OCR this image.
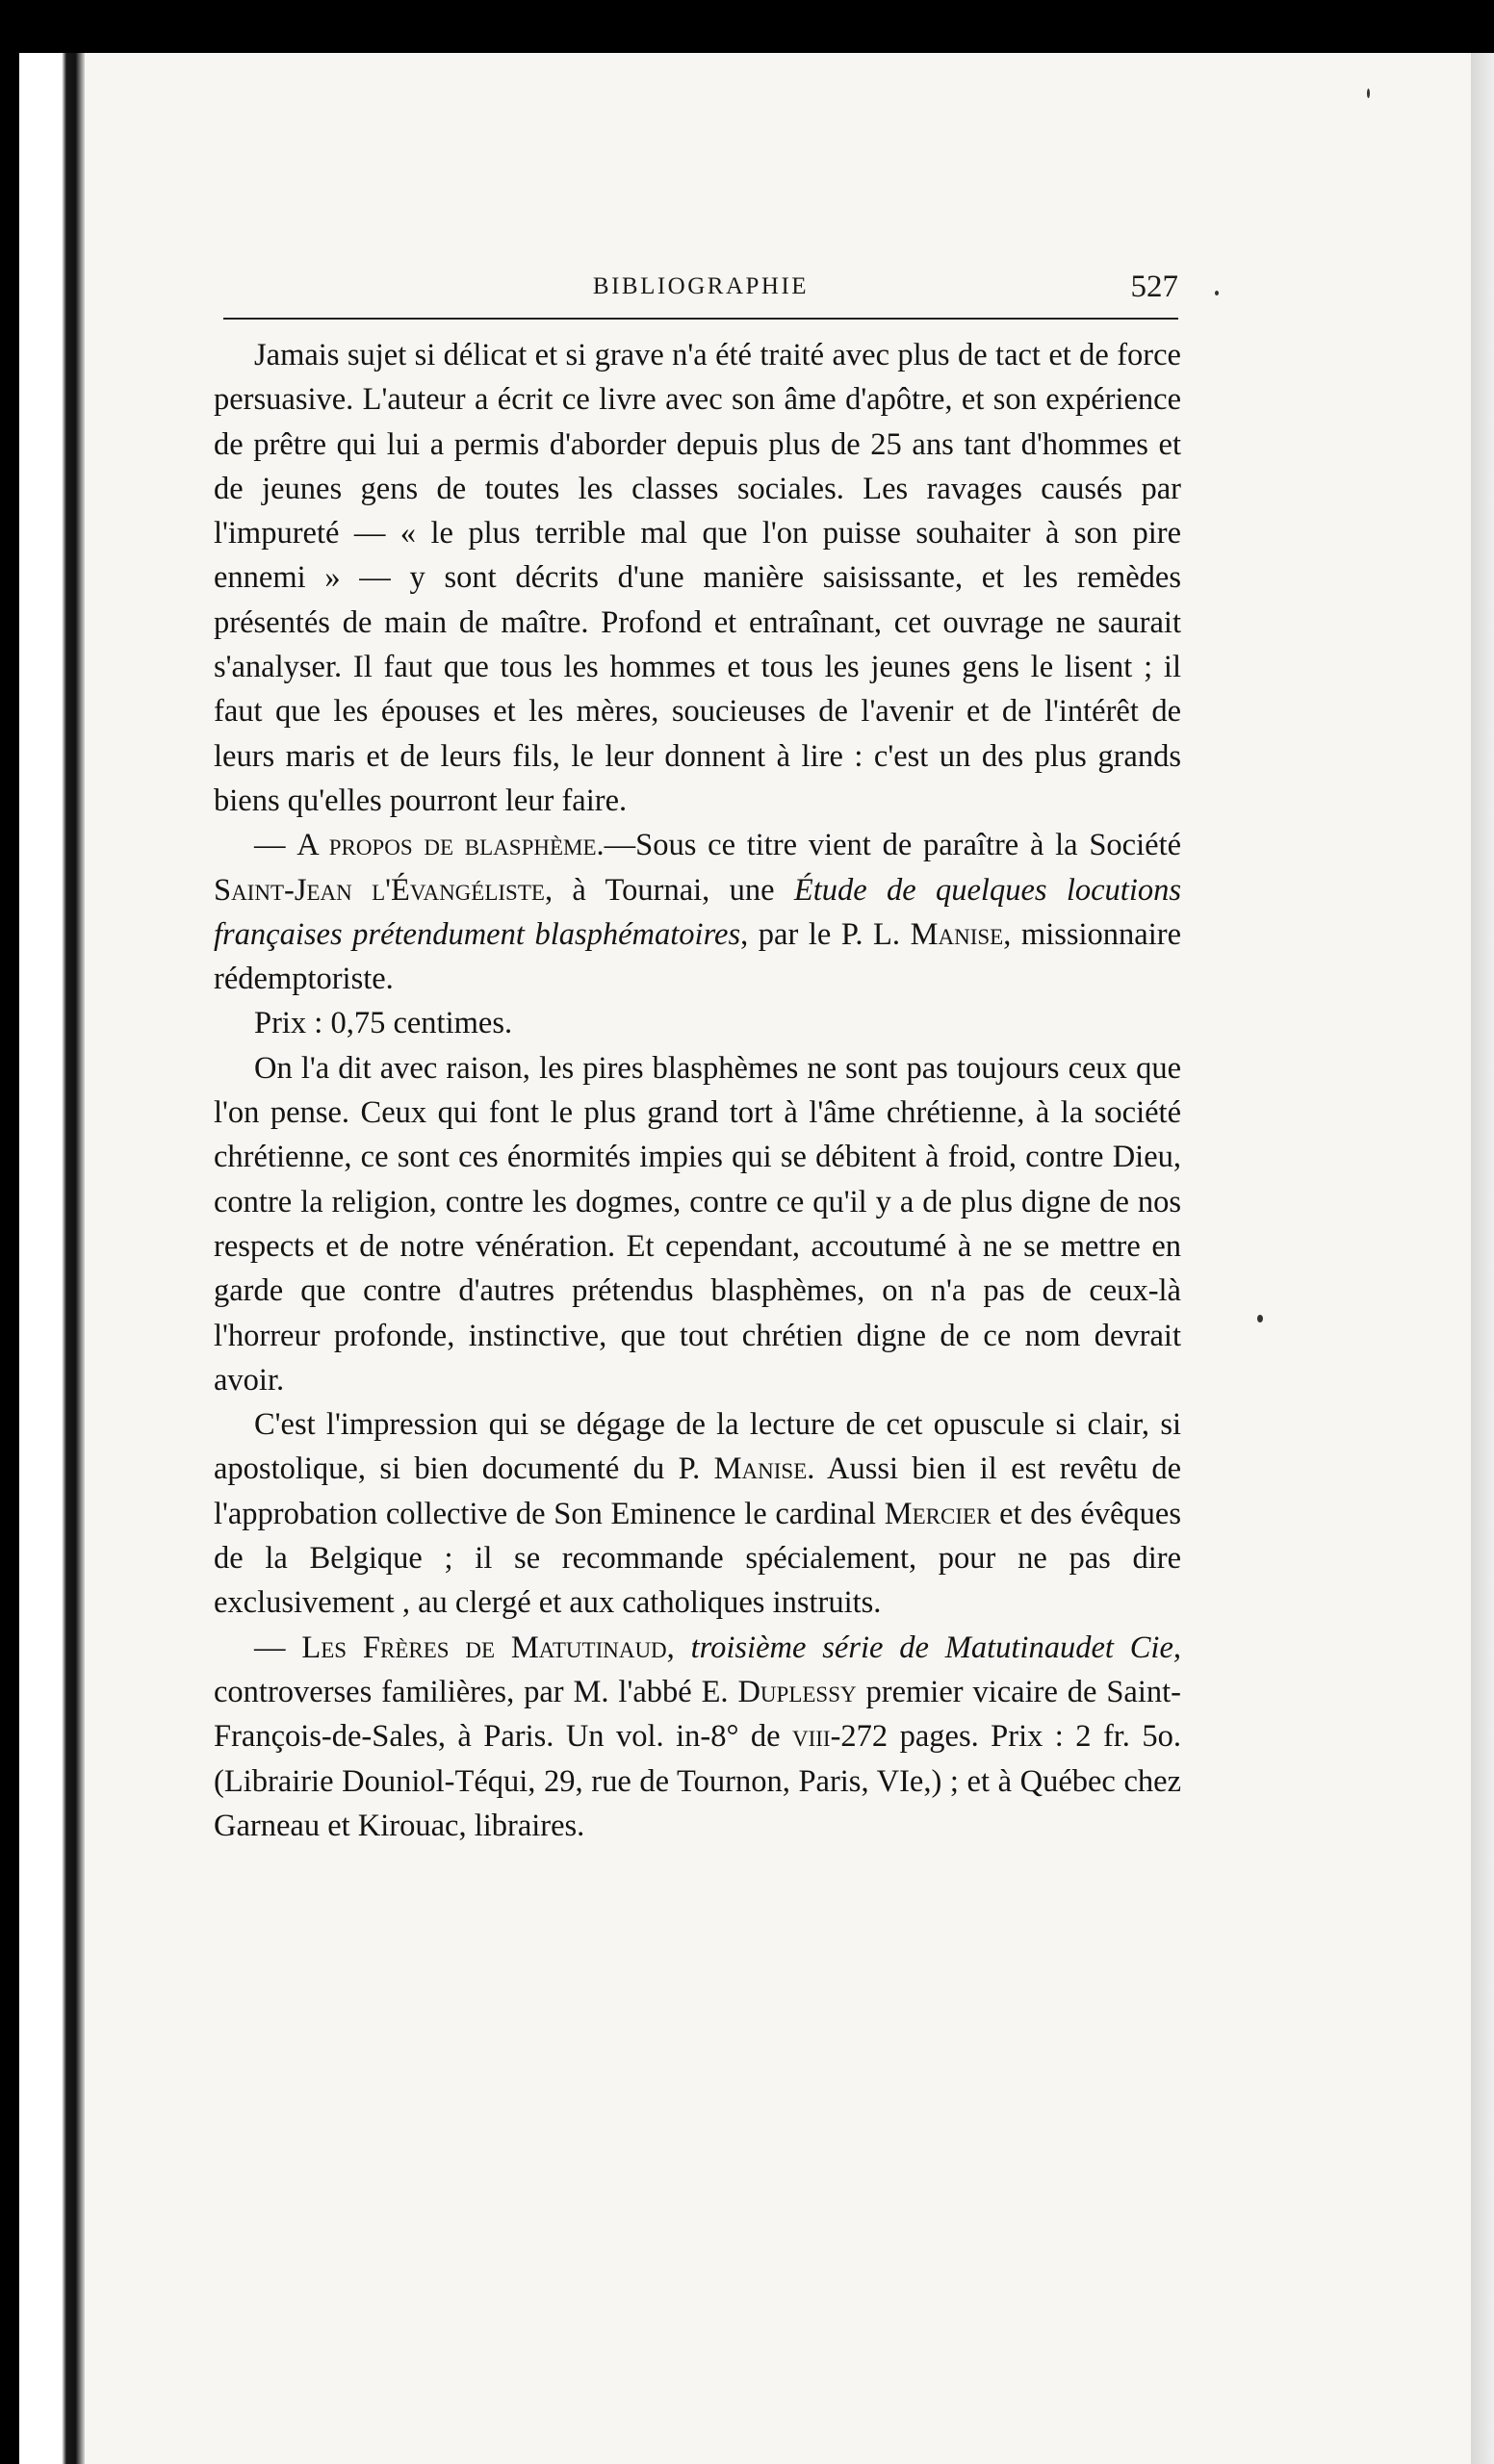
BIBLIOGRAPHIE	527

Jamais sujet si délicat et si grave n'a été traité avec plus de tact et de force persuasive. L'auteur a écrit ce livre avec son âme d'apôtre, et son expérience de prêtre qui lui a permis d'aborder depuis plus de 25 ans tant d'hommes et de jeunes gens de toutes les classes sociales. Les ravages causés par l'impureté — « le plus terrible mal que l'on puisse souhaiter à son pire ennemi » — y sont décrits d'une manière saisissante, et les remèdes présentés de main de maître. Profond et entraînant, cet ouvrage ne saurait s'analyser. Il faut que tous les hommes et tous les jeunes gens le lisent ; il faut que les épouses et les mères, soucieuses de l'avenir et de l'intérêt de leurs maris et de leurs fils, le leur donnent à lire : c'est un des plus grands biens qu'elles pourront leur faire.

— A propos de blasphème.—Sous ce titre vient de paraître à la Société Saint-Jean l'Évangéliste, à Tournai, une Étude de quelques locutions françaises prétendument blasphématoires, par le P. L. Manise, missionnaire rédemptoriste.

Prix : 0,75 centimes.

On l'a dit avec raison, les pires blasphèmes ne sont pas toujours ceux que l'on pense. Ceux qui font le plus grand tort à l'âme chrétienne, à la société chrétienne, ce sont ces énormités impies qui se débitent à froid, contre Dieu, contre la religion, contre les dogmes, contre ce qu'il y a de plus digne de nos respects et de notre vénération. Et cependant, accoutumé à ne se mettre en garde que contre d'autres prétendus blasphèmes, on n'a pas de ceux-là l'horreur profonde, instinctive, que tout chrétien digne de ce nom devrait avoir.

C'est l'impression qui se dégage de la lecture de cet opuscule si clair, si apostolique, si bien documenté du P. Manise. Aussi bien il est revêtu de l'approbation collective de Son Eminence le cardinal Mercier et des évêques de la Belgique ; il se recommande spécialement, pour ne pas dire exclusivement , au clergé et aux catholiques instruits.

— Les Frères de Matutinaud, troisième série de Matutinaudet Cie, controverses familières, par M. l'abbé E. Duplessy premier vicaire de Saint-François-de-Sales, à Paris. Un vol. in-8° de viii-272 pages. Prix : 2 fr. 5o. (Librairie Douniol-Téqui, 29, rue de Tournon, Paris, VIe,) ; et à Québec chez Garneau et Kirouac, libraires.
